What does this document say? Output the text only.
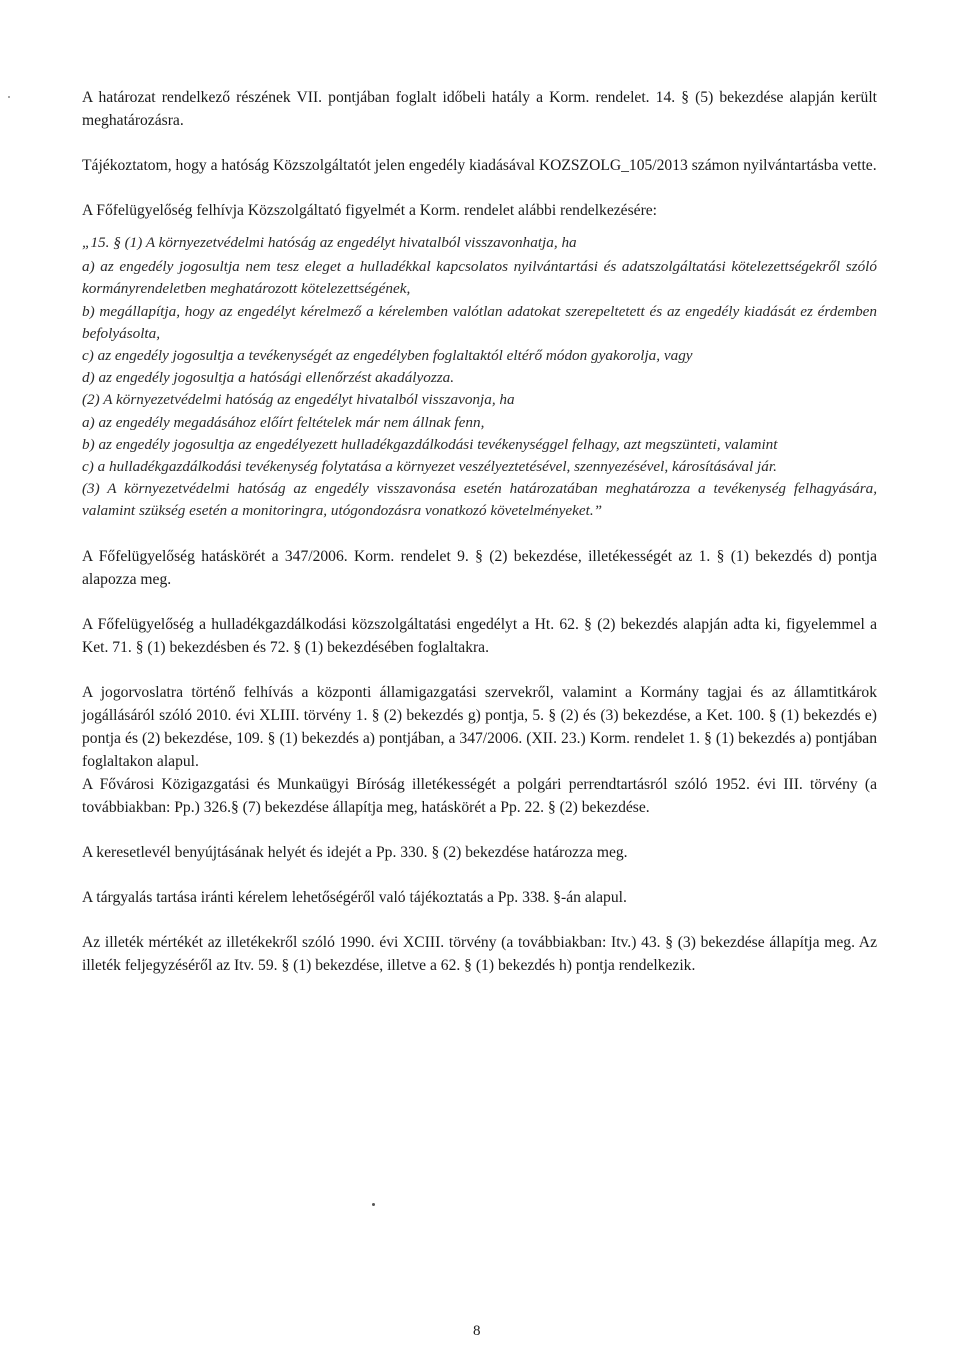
A határozat rendelkező részének VII. pontjában foglalt időbeli hatály a Korm. rendelet. 14. § (5) bekezdése alapján került meghatározásra.

Tájékoztatom, hogy a hatóság Közszolgáltatót jelen engedély kiadásával KOZSZOLG_105/2013 számon nyilvántartásba vette.

A Főfelügyelőség felhívja Közszolgáltató figyelmét a Korm. rendelet alábbi rendelkezésére:

„15. § (1) A környezetvédelmi hatóság az engedélyt hivatalból visszavonhatja, ha
a) az engedély jogosultja nem tesz eleget a hulladékkal kapcsolatos nyilvántartási és adatszolgáltatási kötelezettségekről szóló kormányrendeletben meghatározott kötelezettségének,
b) megállapítja, hogy az engedélyt kérelmező a kérelemben valótlan adatokat szerepeltetett és az engedély kiadását ez érdemben befolyásolta,
c) az engedély jogosultja a tevékenységét az engedélyben foglaltaktól eltérő módon gyakorolja, vagy
d) az engedély jogosultja a hatósági ellenőrzést akadályozza.
(2) A környezetvédelmi hatóság az engedélyt hivatalból visszavonja, ha
a) az engedély megadásához előírt feltételek már nem állnak fenn,
b) az engedély jogosultja az engedélyezett hulladékgazdálkodási tevékenységgel felhagy, azt megszünteti, valamint
c) a hulladékgazdálkodási tevékenység folytatása a környezet veszélyeztetésével, szennyezésével, károsításával jár.
(3) A környezetvédelmi hatóság az engedély visszavonása esetén határozatában meghatározza a tevékenység felhagyására, valamint szükség esetén a monitoringra, utógondozásra vonatkozó követelményeket.”

A Főfelügyelőség hatáskörét a 347/2006. Korm. rendelet 9. § (2) bekezdése, illetékességét az 1. § (1) bekezdés d) pontja alapozza meg.

A Főfelügyelőség a hulladékgazdálkodási közszolgáltatási engedélyt a Ht. 62. § (2) bekezdés alapján adta ki, figyelemmel a Ket. 71. § (1) bekezdésben és 72. § (1) bekezdésében foglaltakra.

A jogorvoslatra történő felhívás a központi államigazgatási szervekről, valamint a Kormány tagjai és az államtitkárok jogállásáról szóló 2010. évi XLIII. törvény 1. § (2) bekezdés g) pontja, 5. § (2) és (3) bekezdése, a Ket. 100. § (1) bekezdés e) pontja és (2) bekezdése, 109. § (1) bekezdés a) pontjában, a 347/2006. (XII. 23.) Korm. rendelet 1. § (1) bekezdés a) pontjában foglaltakon alapul.

A Fővárosi Közigazgatási és Munkaügyi Bíróság illetékességét a polgári perrendtartásról szóló 1952. évi III. törvény (a továbbiakban: Pp.) 326.§ (7) bekezdése állapítja meg, hatáskörét a Pp. 22. § (2) bekezdése.

A keresetlevél benyújtásának helyét és idejét a Pp. 330. § (2) bekezdése határozza meg.

A tárgyalás tartása iránti kérelem lehetőségéről való tájékoztatás a Pp. 338. §-án alapul.

Az illeték mértékét az illetékekről szóló 1990. évi XCIII. törvény (a továbbiakban: Itv.) 43. § (3) bekezdése állapítja meg. Az illeték feljegyzéséről az Itv. 59. § (1) bekezdése, illetve a 62. § (1) bekezdés h) pontja rendelkezik.

8
